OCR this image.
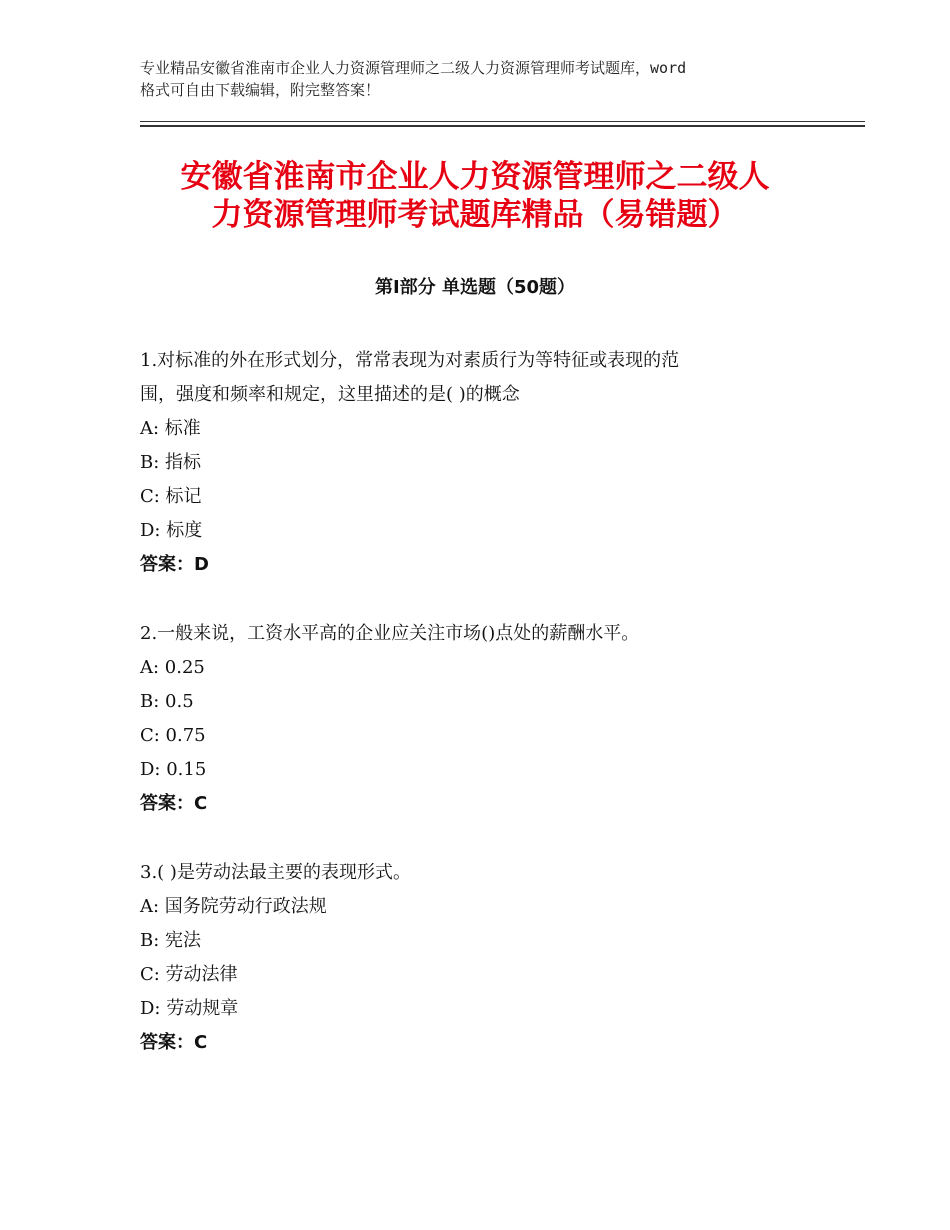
专业精品安徽省淮南市企业人力资源管理师之二级人力资源管理师考试题库，word
格式可自由下载编辑，附完整答案！
安徽省淮南市企业人力资源管理师之二级人
力资源管理师考试题库精品（易错题）
第Ⅰ部分 单选题（50题）
1.对标准的外在形式划分，常常表现为对素质行为等特征或表现的范
围，强度和频率和规定，这里描述的是( )的概念
A: 标准
B: 指标
C: 标记
D: 标度
答案：D
2.一般来说，工资水平高的企业应关注市场()点处的薪酬水平。
A: 0.25
B: 0.5
C: 0.75
D: 0.15
答案：C
3.( )是劳动法最主要的表现形式。
A: 国务院劳动行政法规
B: 宪法
C: 劳动法律
D: 劳动规章
答案：C
